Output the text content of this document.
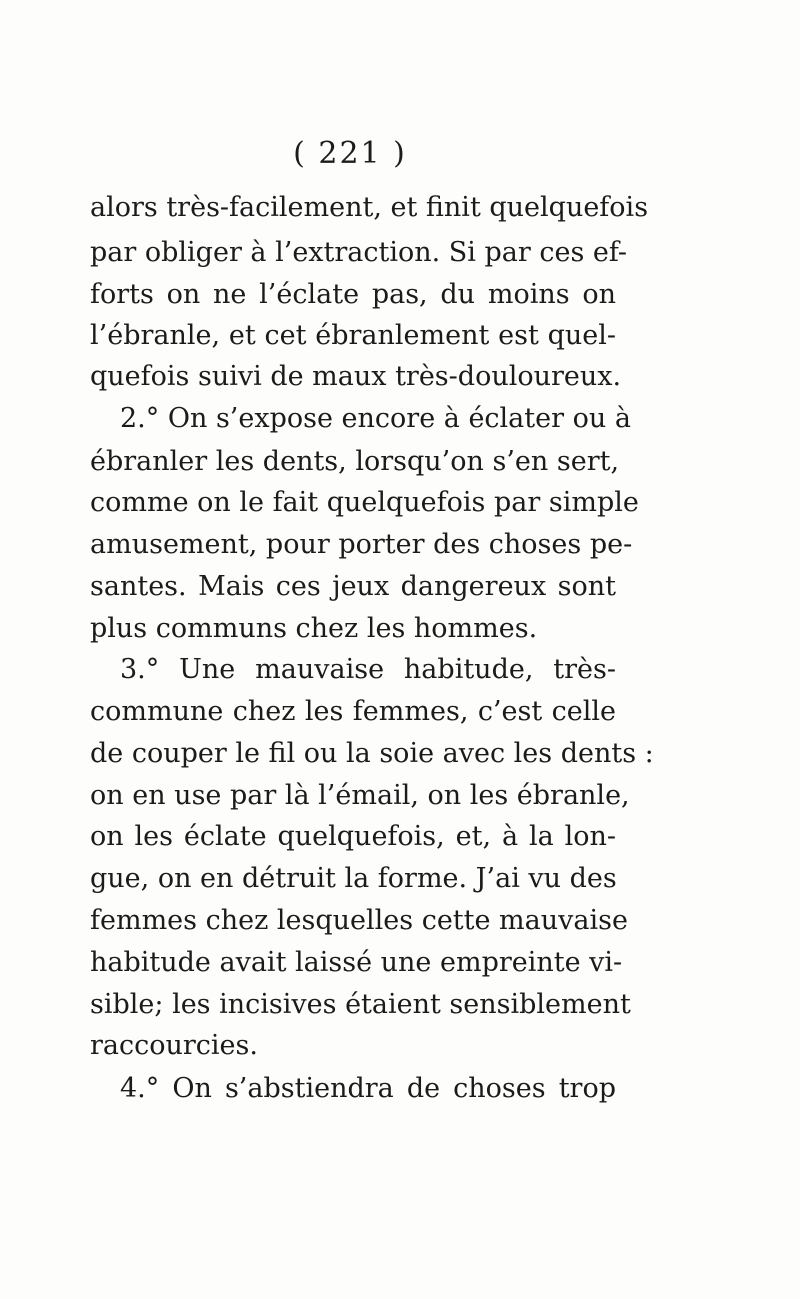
( 221 )
alors très-facilement, et finit quelquefois
par obliger à l’extraction. Si par ces ef-
forts on ne l’éclate pas, du moins on
l’ébranle, et cet ébranlement est quel-
quefois suivi de maux très-douloureux.
2.° On s’expose encore à éclater ou à
ébranler les dents, lorsqu’on s’en sert,
comme on le fait quelquefois par simple
amusement, pour porter des choses pe-
santes. Mais ces jeux dangereux sont
plus communs chez les hommes.
3.° Une mauvaise habitude, très-
commune chez les femmes, c’est celle
de couper le fil ou la soie avec les dents :
on en use par là l’émail, on les ébranle,
on les éclate quelquefois, et, à la lon-
gue, on en détruit la forme. J’ai vu des
femmes chez lesquelles cette mauvaise
habitude avait laissé une empreinte vi-
sible; les incisives étaient sensiblement
raccourcies.
4.° On s’abstiendra de choses trop
